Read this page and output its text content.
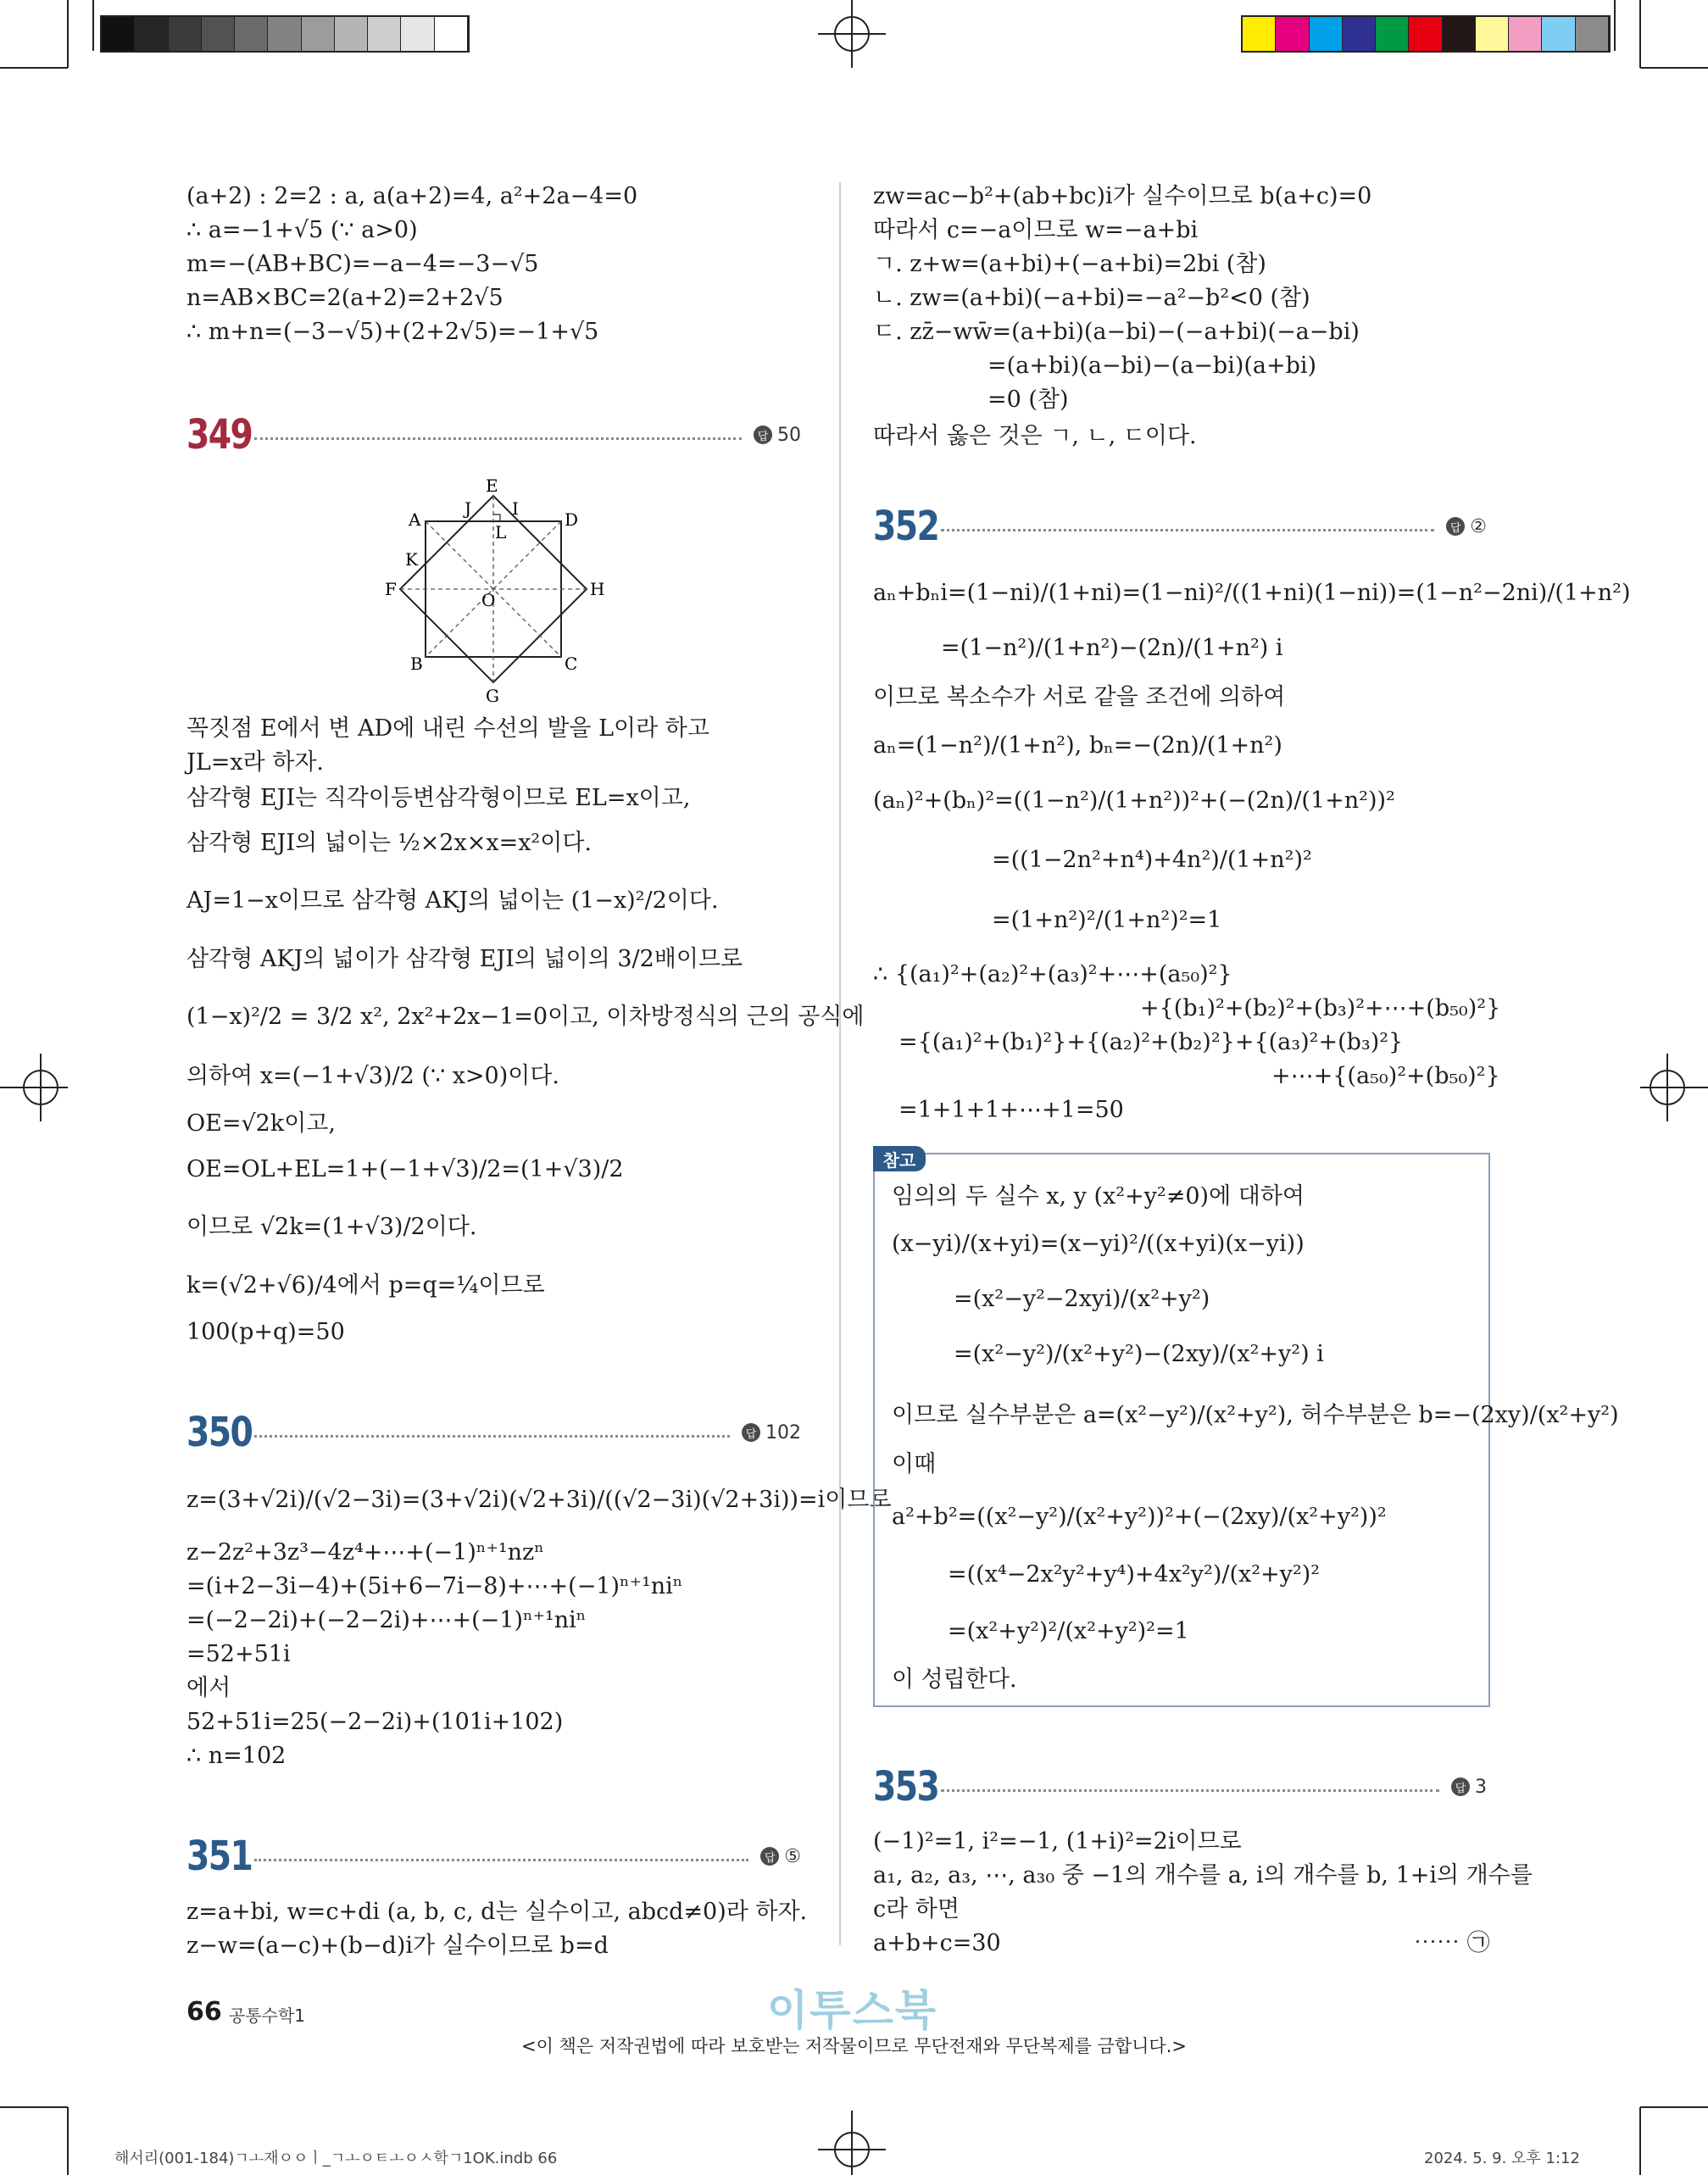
(a+2) : 2=2 : a, a(a+2)=4, a²+2a−4=0
∴ a=−1+√5 (∵ a>0)
m=−(AB+BC)=−a−4=−3−√5
n=AB×BC=2(a+2)=2+2√5
∴ m+n=(−3−√5)+(2+2√5)=−1+√5
349	답 50
A
B	C
D
E
F
G
H
I
J
K
L
O
꼭짓점 E에서 변 AD에 내린 수선의 발을 L이라 하고
JL=x라 하자.
삼각형 EJI는 직각이등변삼각형이므로 EL=x이고,
삼각형 EJI의 넓이는 ½×2x×x=x²이다.
AJ=1−x이므로 삼각형 AKJ의 넓이는 (1−x)²/2이다.
삼각형 AKJ의 넓이가 삼각형 EJI의 넓이의 3/2배이므로
(1−x)²/2 = 3/2 x², 2x²+2x−1=0이고, 이차방정식의 근의 공식에
의하여 x=(−1+√3)/2 (∵ x>0)이다.
OE=√2k이고,
OE=OL+EL=1+(−1+√3)/2=(1+√3)/2
이므로 √2k=(1+√3)/2이다.
k=(√2+√6)/4에서 p=q=¼이므로
100(p+q)=50
350	답 102
z=(3+√2i)/(√2−3i)=(3+√2i)(√2+3i)/((√2−3i)(√2+3i))=i이므로
z−2z²+3z³−4z⁴+⋯+(−1)ⁿ⁺¹nzⁿ
=(i+2−3i−4)+(5i+6−7i−8)+⋯+(−1)ⁿ⁺¹niⁿ
=(−2−2i)+(−2−2i)+⋯+(−1)ⁿ⁺¹niⁿ
=52+51i
에서
52+51i=25(−2−2i)+(101i+102)
∴ n=102
351	답 ⑤
z=a+bi, w=c+di (a, b, c, d는 실수이고, abcd≠0)라 하자.
z−w=(a−c)+(b−d)i가 실수이므로 b=d
zw=ac−b²+(ab+bc)i가 실수이므로 b(a+c)=0
따라서 c=−a이므로 w=−a+bi
ㄱ. z+w=(a+bi)+(−a+bi)=2bi (참)
ㄴ. zw=(a+bi)(−a+bi)=−a²−b²<0 (참)
ㄷ. zz̄−ww̄=(a+bi)(a−bi)−(−a+bi)(−a−bi)
=(a+bi)(a−bi)−(a−bi)(a+bi)
=0 (참)
따라서 옳은 것은 ㄱ, ㄴ, ㄷ이다.
352	답 ②
aₙ+bₙi=(1−ni)/(1+ni)=(1−ni)²/((1+ni)(1−ni))=(1−n²−2ni)/(1+n²)
=(1−n²)/(1+n²)−(2n)/(1+n²) i
이므로 복소수가 서로 같을 조건에 의하여
aₙ=(1−n²)/(1+n²), bₙ=−(2n)/(1+n²)
(aₙ)²+(bₙ)²=((1−n²)/(1+n²))²+(−(2n)/(1+n²))²
=((1−2n²+n⁴)+4n²)/(1+n²)²
=(1+n²)²/(1+n²)²=1
∴ {(a₁)²+(a₂)²+(a₃)²+⋯+(a₅₀)²}
+{(b₁)²+(b₂)²+(b₃)²+⋯+(b₅₀)²}
={(a₁)²+(b₁)²}+{(a₂)²+(b₂)²}+{(a₃)²+(b₃)²}
+⋯+{(a₅₀)²+(b₅₀)²}
=1+1+1+⋯+1=50
참고
임의의 두 실수 x, y (x²+y²≠0)에 대하여
(x−yi)/(x+yi)=(x−yi)²/((x+yi)(x−yi))
=(x²−y²−2xyi)/(x²+y²)
=(x²−y²)/(x²+y²)−(2xy)/(x²+y²) i
이므로 실수부분은 a=(x²−y²)/(x²+y²), 허수부분은 b=−(2xy)/(x²+y²)
이때
a²+b²=((x²−y²)/(x²+y²))²+(−(2xy)/(x²+y²))²
=((x⁴−2x²y²+y⁴)+4x²y²)/(x²+y²)²
=(x²+y²)²/(x²+y²)²=1
이 성립한다.
353	답 3
(−1)²=1, i²=−1, (1+i)²=2i이므로
a₁, a₂, a₃, ⋯, a₃₀ 중 −1의 개수를 a, i의 개수를 b, 1+i의 개수를
c라 하면
a+b+c=30	⋯⋯ ㉠
66 공통수학1	이투스북
<이 책은 저작권법에 따라 보호받는 저작물이므로 무단전재와 무단복제를 금합니다.>
해서리(001-184)ㄱㅗ재ㅇㅇㅣ_ㄱㅗㅇㅌㅗㅇㅅ학ㄱ1OK.indb 66	2024. 5. 9. 오후 1:12
